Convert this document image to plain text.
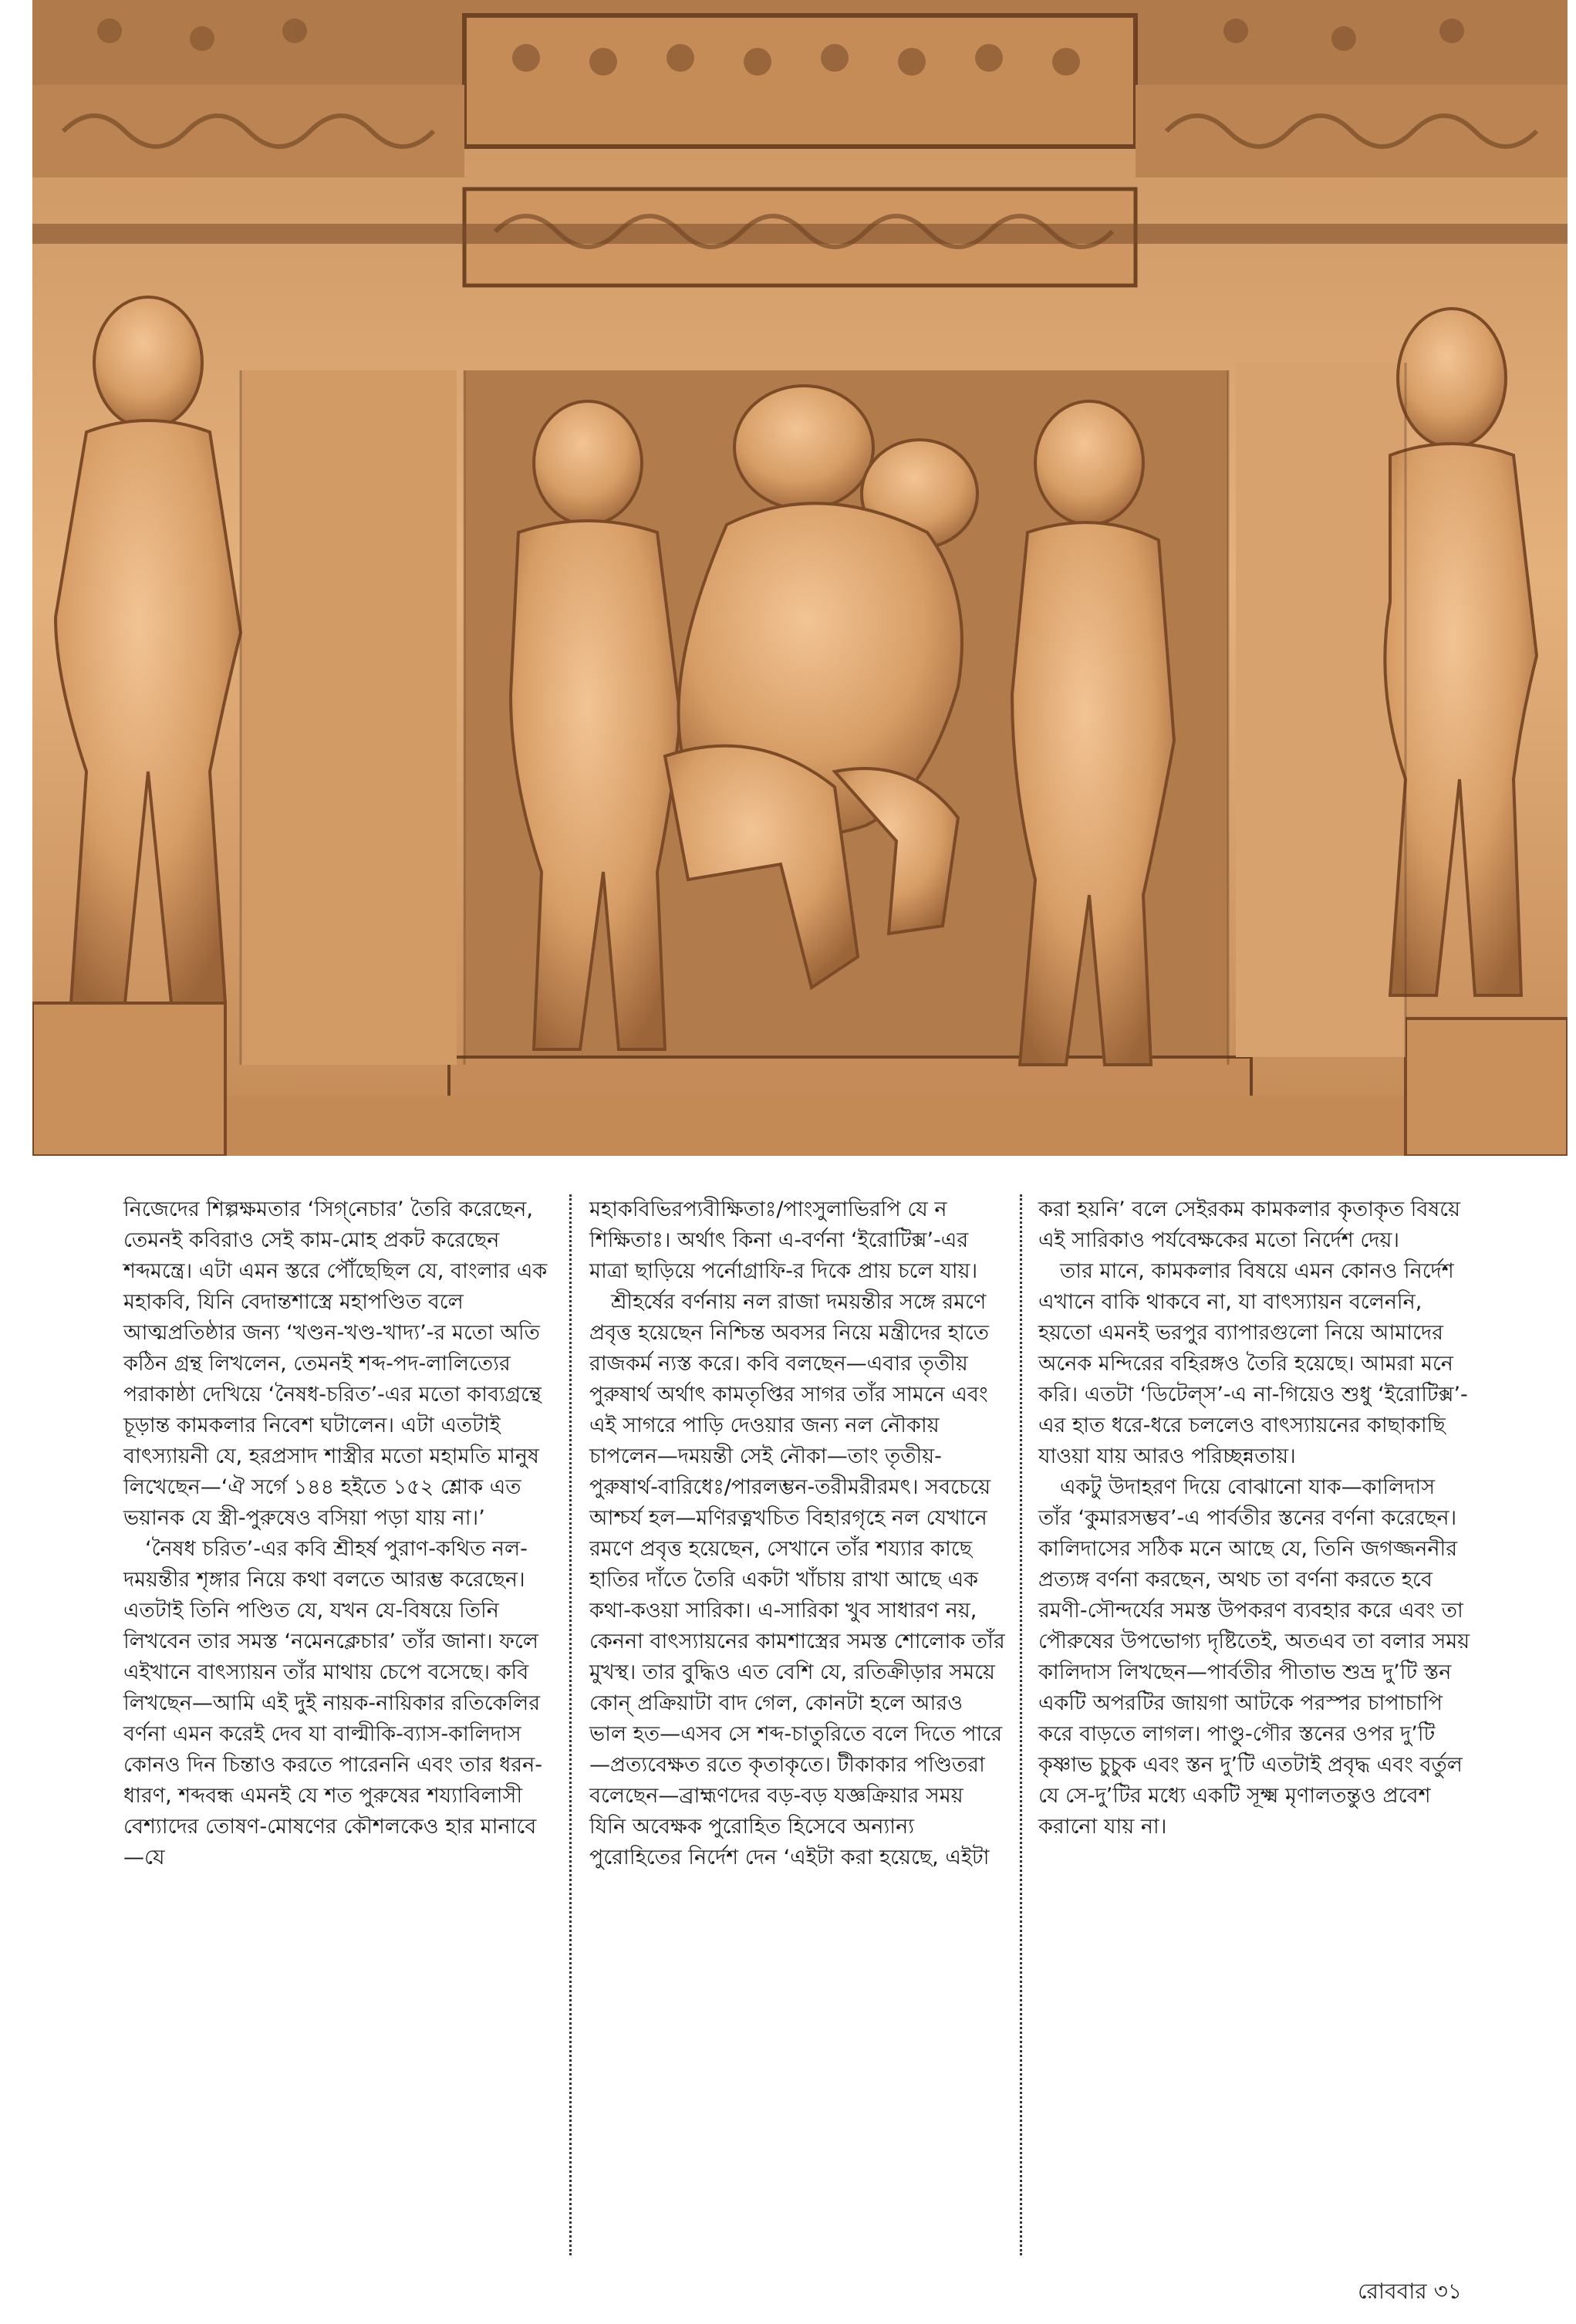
নিজেদের শিল্পক্ষমতার ‘সিগ্‌নেচার’ তৈরি করেছেন, তেমনই কবিরাও সেই কাম-মোহ প্রকট করেছেন শব্দমন্ত্রে। এটা এমন স্তরে পৌঁছেছিল যে, বাংলার এক মহাকবি, যিনি বেদান্তশাস্ত্রে মহাপণ্ডিত বলে আত্মপ্রতিষ্ঠার জন্য ‘খণ্ডন-খণ্ড-খাদ্য’-র মতো অতি কঠিন গ্রন্থ লিখলেন, তেমনই শব্দ-পদ-লালিত্যের পরাকাষ্ঠা দেখিয়ে ‘নৈষধ-চরিত’-এর মতো কাব্যগ্রন্থে চূড়ান্ত কামকলার নিবেশ ঘটালেন। এটা এতটাই বাৎস্যায়নী যে, হরপ্রসাদ শাস্ত্রীর মতো মহামতি মানুষ লিখেছেন—‘ঐ সর্গে ১৪৪ হইতে ১৫২ শ্লোক এত ভয়ানক যে স্ত্রী-পুরুষেও বসিয়া পড়া যায় না।’

‘নৈষধ চরিত’-এর কবি শ্রীহর্ষ পুরাণ-কথিত নল-দময়ন্তীর শৃঙ্গার নিয়ে কথা বলতে আরম্ভ করেছেন। এতটাই তিনি পণ্ডিত যে, যখন যে-বিষয়ে তিনি লিখবেন তার সমস্ত ‘নমেনক্লেচার’ তাঁর জানা। ফলে এইখানে বাৎস্যায়ন তাঁর মাথায় চেপে বসেছে। কবি লিখছেন—আমি এই দুই নায়ক-নায়িকার রতিকেলির বর্ণনা এমন করেই দেব যা বাল্মীকি-ব্যাস-কালিদাস কোনও দিন চিন্তাও করতে পারেননি এবং তার ধরন-ধারণ, শব্দবন্ধ এমনই যে শত পুরুষের শয্যাবিলাসী বেশ্যাদের তোষণ-মোষণের কৌশলকেও হার মানাবে—যে

মহাকবিভিরপ্যবীক্ষিতাঃ/পাংসুলাভিরপি যে ন শিক্ষিতাঃ। অর্থাৎ কিনা এ-বর্ণনা ‘ইরোটিক্স’-এর মাত্রা ছাড়িয়ে পর্নোগ্রাফি-র দিকে প্রায় চলে যায়।

শ্রীহর্ষের বর্ণনায় নল রাজা দময়ন্তীর সঙ্গে রমণে প্রবৃত্ত হয়েছেন নিশ্চিন্ত অবসর নিয়ে মন্ত্রীদের হাতে রাজকর্ম ন্যস্ত করে। কবি বলছেন—এবার তৃতীয় পুরুষার্থ অর্থাৎ কামতৃপ্তির সাগর তাঁর সামনে এবং এই সাগরে পাড়ি দেওয়ার জন্য নল নৌকায় চাপলেন—দময়ন্তী সেই নৌকা—তাং তৃতীয়-পুরুষার্থ-বারিধেঃ/পারলম্ভন-তরীমরীরমৎ। সবচেয়ে আশ্চর্য হল—মণিরত্নখচিত বিহারগৃহে নল যেখানে রমণে প্রবৃত্ত হয়েছেন, সেখানে তাঁর শয্যার কাছে হাতির দাঁতে তৈরি একটা খাঁচায় রাখা আছে এক কথা-কওয়া সারিকা। এ-সারিকা খুব সাধারণ নয়, কেননা বাৎস্যায়নের কামশাস্ত্রের সমস্ত শোলোক তাঁর মুখস্থ। তার বুদ্ধিও এত বেশি যে, রতিক্রীড়ার সময়ে কোন্ প্রক্রিয়াটা বাদ গেল, কোনটা হলে আরও ভাল হত—এসব সে শব্দ-চাতুরিতে বলে দিতে পারে—প্রত্যবেক্ষত রতে কৃতাকৃতে। টীকাকার পণ্ডিতরা বলেছেন—ব্রাহ্মণদের বড়-বড় যজ্ঞক্রিয়ার সময় যিনি অবেক্ষক পুরোহিত হিসেবে অন্যান্য পুরোহিতের নির্দেশ দেন ‘এইটা করা হয়েছে, এইটা

করা হয়নি’ বলে সেইরকম কামকলার কৃতাকৃত বিষয়ে এই সারিকাও পর্যবেক্ষকের মতো নির্দেশ দেয়।

তার মানে, কামকলার বিষয়ে এমন কোনও নির্দেশ এখানে বাকি থাকবে না, যা বাৎস্যায়ন বলেননি, হয়তো এমনই ভরপুর ব্যাপারগুলো নিয়ে আমাদের অনেক মন্দিরের বহিরঙ্গও তৈরি হয়েছে। আমরা মনে করি। এতটা ‘ডিটেল্‌স’-এ না-গিয়েও শুধু ‘ইরোটিক্স’-এর হাত ধরে-ধরে চললেও বাৎস্যায়নের কাছাকাছি যাওয়া যায় আরও পরিচ্ছন্নতায়।

একটু উদাহরণ দিয়ে বোঝানো যাক—কালিদাস তাঁর ‘কুমারসম্ভব’-এ পার্বতীর স্তনের বর্ণনা করেছেন। কালিদাসের সঠিক মনে আছে যে, তিনি জগজ্জননীর প্রত্যঙ্গ বর্ণনা করছেন, অথচ তা বর্ণনা করতে হবে রমণী-সৌন্দর্যের সমস্ত উপকরণ ব্যবহার করে এবং তা পৌরুষের উপভোগ্য দৃষ্টিতেই, অতএব তা বলার সময় কালিদাস লিখছেন—পার্বতীর পীতাভ শুভ্র দু’টি স্তন একটি অপরটির জায়গা আটকে পরস্পর চাপাচাপি করে বাড়তে লাগল। পাণ্ডু-গৌর স্তনের ওপর দু’টি কৃষ্ণাভ চুচুক এবং স্তন দু’টি এতটাই প্রবৃদ্ধ এবং বর্তুল যে সে-দু’টির মধ্যে একটি সূক্ষ্ম মৃণালতন্তুও প্রবেশ করানো যায় না।

রোববার ৩১
